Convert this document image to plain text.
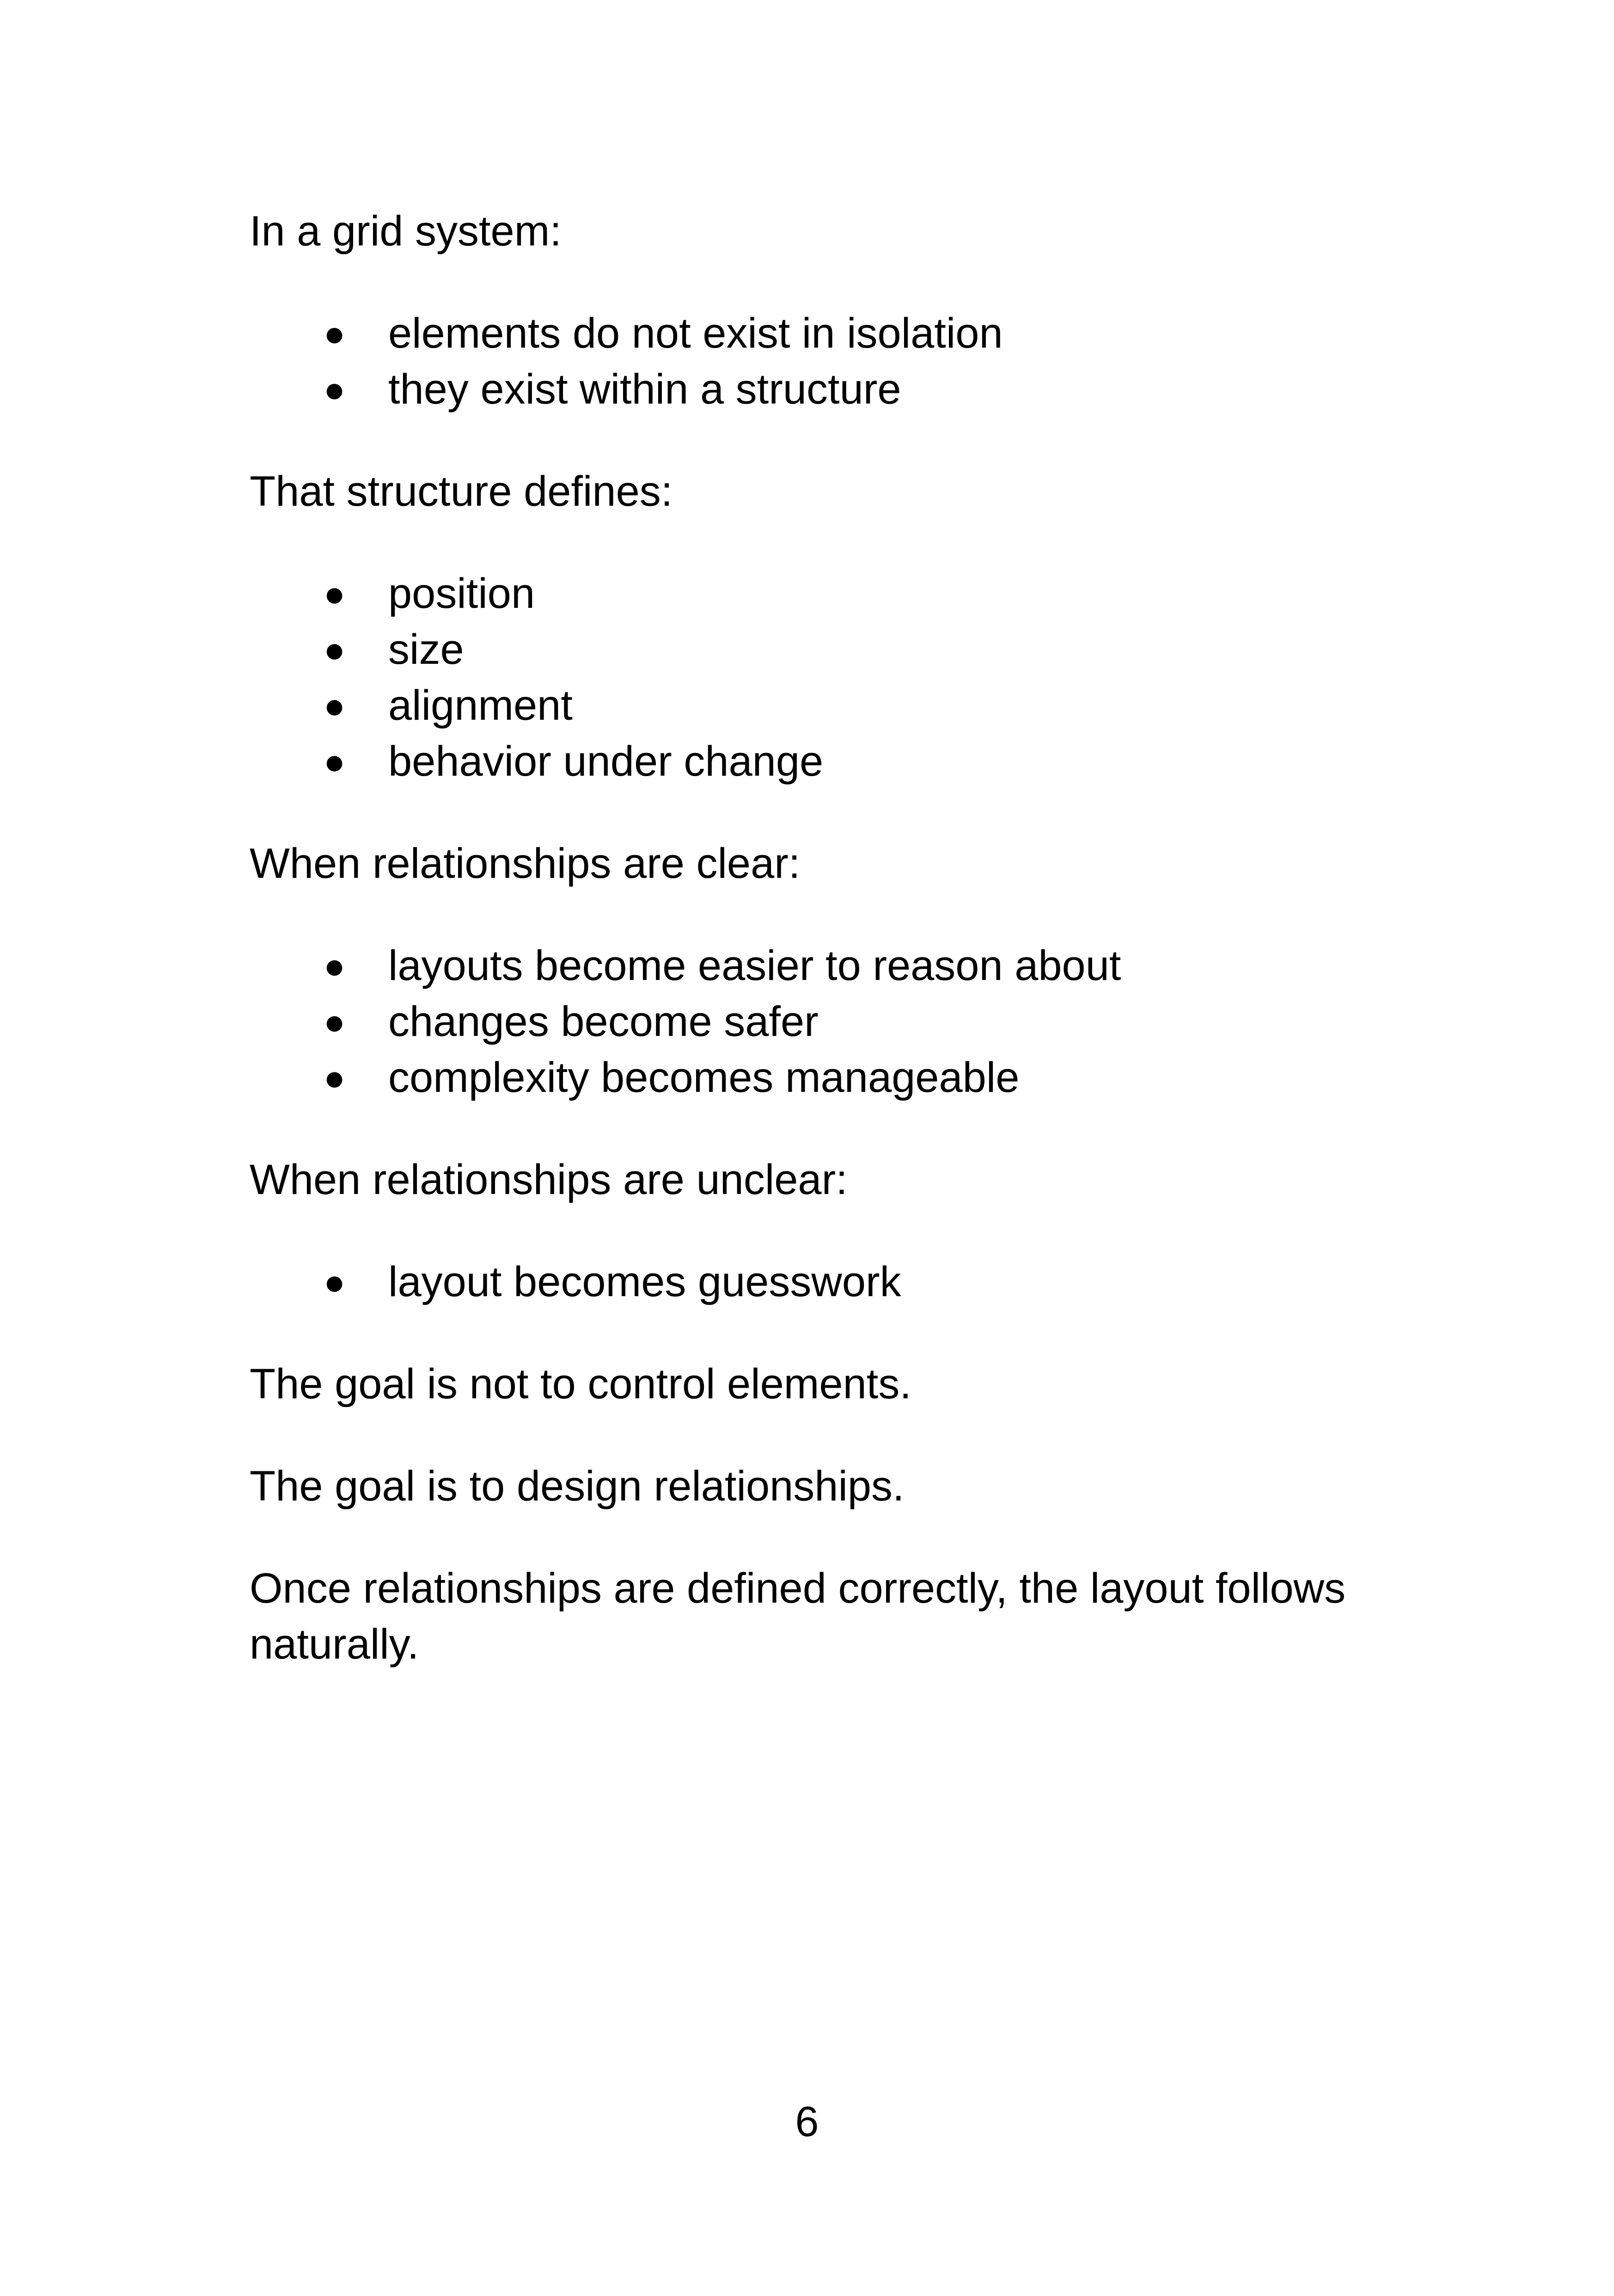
In a grid system:

● elements do not exist in isolation
● they exist within a structure

That structure defines:

● position
● size
● alignment
● behavior under change

When relationships are clear:

● layouts become easier to reason about
● changes become safer
● complexity becomes manageable

When relationships are unclear:

● layout becomes guesswork

The goal is not to control elements.

The goal is to design relationships.

Once relationships are defined correctly, the layout follows naturally.

6
